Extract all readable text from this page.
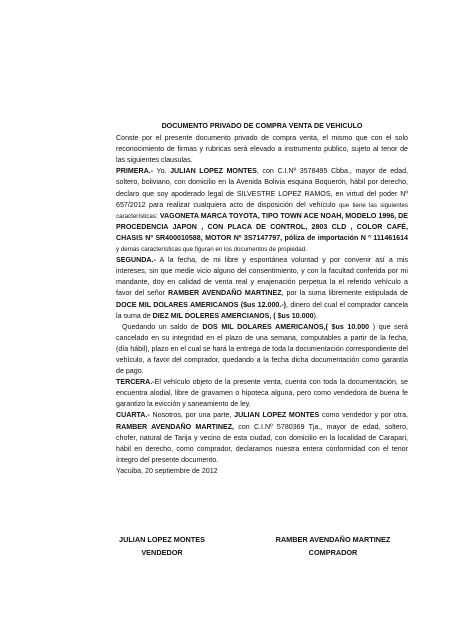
DOCUMENTO PRIVADO DE COMPRA VENTA DE VEHICULO

Conste por el presente documento privado de compra venta, el mismo que con el solo reconocimiento de firmas y rubricas será elevado a instrumento publico, sujeto al tenor de las siguientes clausulas.

PRIMERA.- Yo. JULIAN LOPEZ MONTES, con C.I.Nº 3578495 Cbba., mayor de edad, soltero, boliviano, con domicilio en la Avenida Bolivia esquina Boquerón, hábil por derecho, declaro que soy apoderado legal de SILVESTRE LOPEZ RAMOS, en virtud del poder Nº 657/2012 para realizar cualquiera acto de disposición del vehículo que tiene las siguientes características: VAGONETA MARCA TOYOTA, TIPO TOWN ACE NOAH, MODELO 1996, DE PROCEDENCIA JAPON , CON PLACA DE CONTROL, 2803 CLD , COLOR CAFÉ, CHASIS Nº SR400010588, MOTOR Nº 3S7147797, póliza de importación N º 111461614 y demás características que figuran en los documentos de propiedad.

SEGUNDA.- A la fecha, de mi libre y espontánea voluntad y por convenir así a mis intereses, sin que medie vicio alguno del consentimiento, y con la facultad conferida por mi mandante, doy en calidad de venta real y enajenación perpetua la el referido vehículo a favor del señor RAMBER AVENDAÑO MARTINEZ, por la suma libremente estipulada de DOCE MIL DOLARES AMERICANOS ($us 12.000.-), dinero del cual el comprador cancela la suma de DIEZ MIL DOLERES AMERCIANOS, ( $us 10.000).

Quedando un saldo de DOS MIL DOLARES AMERICANOS,( $us 10.000 ) que será cancelado en su integridad en el plazo de una semana, computables a partir de la fecha, (día hábil), plazo en el cual se hará la entrega de toda la documentación correspondiente del vehículo, a favor del comprador, quedando a la fecha dicha documentación como garantía de pago.

TERCERA.-El vehículo objeto de la presente venta, cuenta con toda la documentación, se encuentra alodial, libre de gravamen o hipoteca alguna, pero como vendedora de buena fe garantizo la evicción y saneamiento de ley.

CUARTA.- Nosotros, por una parte, JULIAN LOPEZ MONTES como vendedor y por otra, RAMBER AVENDAÑO MARTINEZ, con C.I.Nº 5780369 Tja., mayor de edad, soltero, chofer, natural de Tarija y vecino de esta ciudad, con domicilio en la localidad de Carapari, hábil en derecho, como comprador, declaramos nuestra entera conformidad con el tenor íntegro del presente documento.

Yacuiba, 20 septiembre de 2012

JULIAN LOPEZ MONTES
VENDEDOR
RAMBER AVENDAÑO MARTINEZ
COMPRADOR
